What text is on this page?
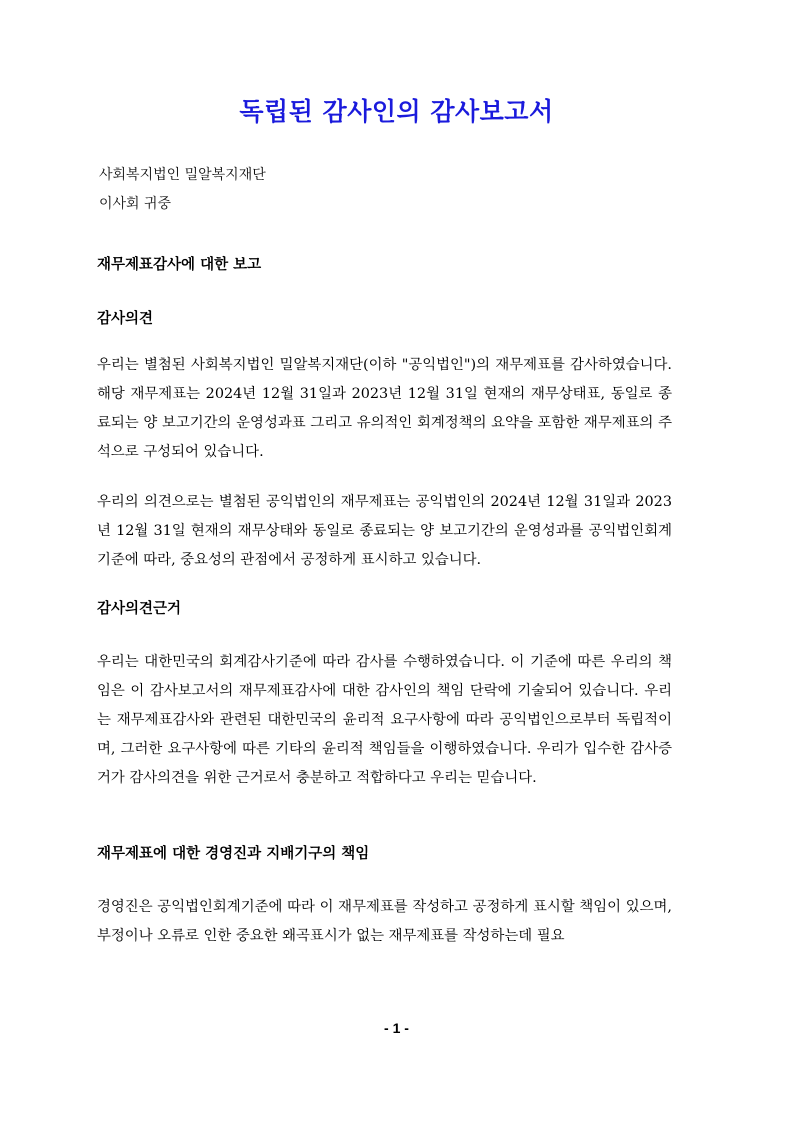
독립된 감사인의 감사보고서
사회복지법인 밀알복지재단
이사회 귀중
재무제표감사에 대한 보고
감사의견
우리는 별첨된 사회복지법인 밀알복지재단(이하 "공익법인")의 재무제표를 감사하였습니다. 해당 재무제표는 2024년 12월 31일과 2023년 12월 31일 현재의 재무상태표, 동일로 종료되는 양 보고기간의 운영성과표 그리고 유의적인 회계정책의 요약을 포함한 재무제표의 주석으로 구성되어 있습니다.
우리의 의견으로는 별첨된 공익법인의 재무제표는 공익법인의 2024년 12월 31일과 2023년 12월 31일 현재의 재무상태와 동일로 종료되는 양 보고기간의 운영성과를 공익법인회계기준에 따라, 중요성의 관점에서 공정하게 표시하고 있습니다.
감사의견근거
우리는 대한민국의 회계감사기준에 따라 감사를 수행하였습니다. 이 기준에 따른 우리의 책임은 이 감사보고서의 재무제표감사에 대한 감사인의 책임 단락에 기술되어 있습니다. 우리는 재무제표감사와 관련된 대한민국의 윤리적 요구사항에 따라 공익법인으로부터 독립적이며, 그러한 요구사항에 따른 기타의 윤리적 책임들을 이행하였습니다. 우리가 입수한 감사증거가 감사의견을 위한 근거로서 충분하고 적합하다고 우리는 믿습니다.
재무제표에 대한 경영진과 지배기구의 책임
경영진은 공익법인회계기준에 따라 이 재무제표를 작성하고 공정하게 표시할 책임이 있으며, 부정이나 오류로 인한 중요한 왜곡표시가 없는 재무제표를 작성하는데 필요
- 1 -
